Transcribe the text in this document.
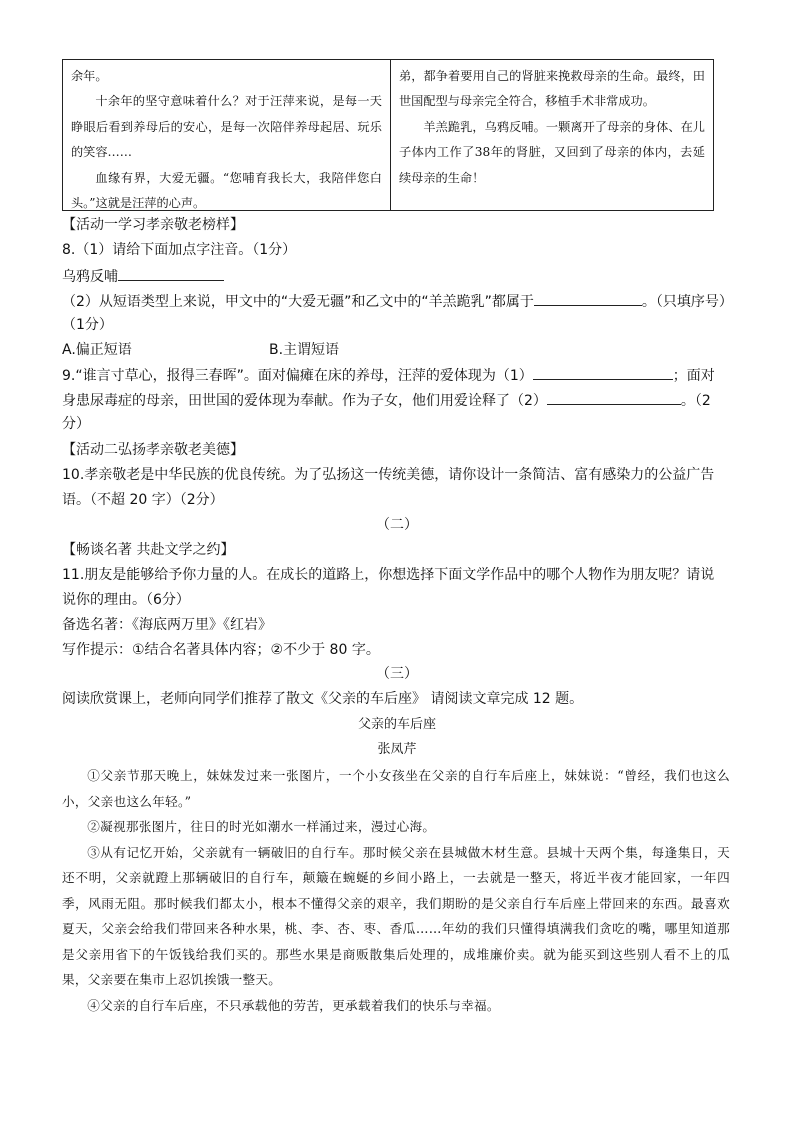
余年。

十余年的坚守意味着什么？对于汪萍来说，是每一天睁眼后看到养母后的安心，是每一次陪伴养母起居、玩乐的笑容……

血缘有界，大爱无疆。“您哺育我长大，我陪伴您白头。”这就是汪萍的心声。

弟，都争着要用自己的肾脏来挽救母亲的生命。最终，田世国配型与母亲完全符合，移植手术非常成功。

羊羔跪乳，乌鸦反哺。一颗离开了母亲的身体、在儿子体内工作了38年的肾脏，又回到了母亲的体内，去延续母亲的生命！

【活动一学习孝亲敬老榜样】
8.（1）请给下面加点字注音。（1分）
乌鸦反哺
（2）从短语类型上来说，甲文中的“大爱无疆”和乙文中的“羊羔跪乳”都属于	。（只填序号）
（1分）
A.偏正短语	B.主谓短语
9.“谁言寸草心，报得三春晖”。面对偏瘫在床的养母，汪萍的爱体现为（1）	；面对
身患尿毒症的母亲，田世国的爱体现为奉献。作为子女，他们用爱诠释了（2）	。（2
分）
【活动二弘扬孝亲敬老美德】
10.孝亲敬老是中华民族的优良传统。为了弘扬这一传统美德，请你设计一条简洁、富有感染力的公益广告
语。（不超 20 字）（2分）
（二）
【畅谈名著 共赴文学之约】
11.朋友是能够给予你力量的人。在成长的道路上，你想选择下面文学作品中的哪个人物作为朋友呢？请说
说你的理由。（6分）
备选名著：《海底两万里》《红岩》
写作提示：①结合名著具体内容；②不少于 80 字。
（三）
阅读欣赏课上，老师向同学们推荐了散文《父亲的车后座》 请阅读文章完成 12 题。
父亲的车后座
张凤芹

①父亲节那天晚上，妹妹发过来一张图片，一个小女孩坐在父亲的自行车后座上，妹妹说：“曾经，我们也这么小，父亲也这么年轻。”

②凝视那张图片，往日的时光如潮水一样涌过来，漫过心海。

③从有记忆开始，父亲就有一辆破旧的自行车。那时候父亲在县城做木材生意。县城十天两个集，每逢集日，天还不明，父亲就蹬上那辆破旧的自行车，颠簸在蜿蜒的乡间小路上，一去就是一整天，将近半夜才能回家，一年四季，风雨无阻。那时候我们都太小，根本不懂得父亲的艰辛，我们期盼的是父亲自行车后座上带回来的东西。最喜欢夏天，父亲会给我们带回来各种水果，桃、李、杏、枣、香瓜……年幼的我们只懂得填满我们贪吃的嘴，哪里知道那是父亲用省下的午饭钱给我们买的。那些水果是商贩散集后处理的，成堆廉价卖。就为能买到这些别人看不上的瓜果，父亲要在集市上忍饥挨饿一整天。

④父亲的自行车后座，不只承载他的劳苦，更承载着我们的快乐与幸福。
